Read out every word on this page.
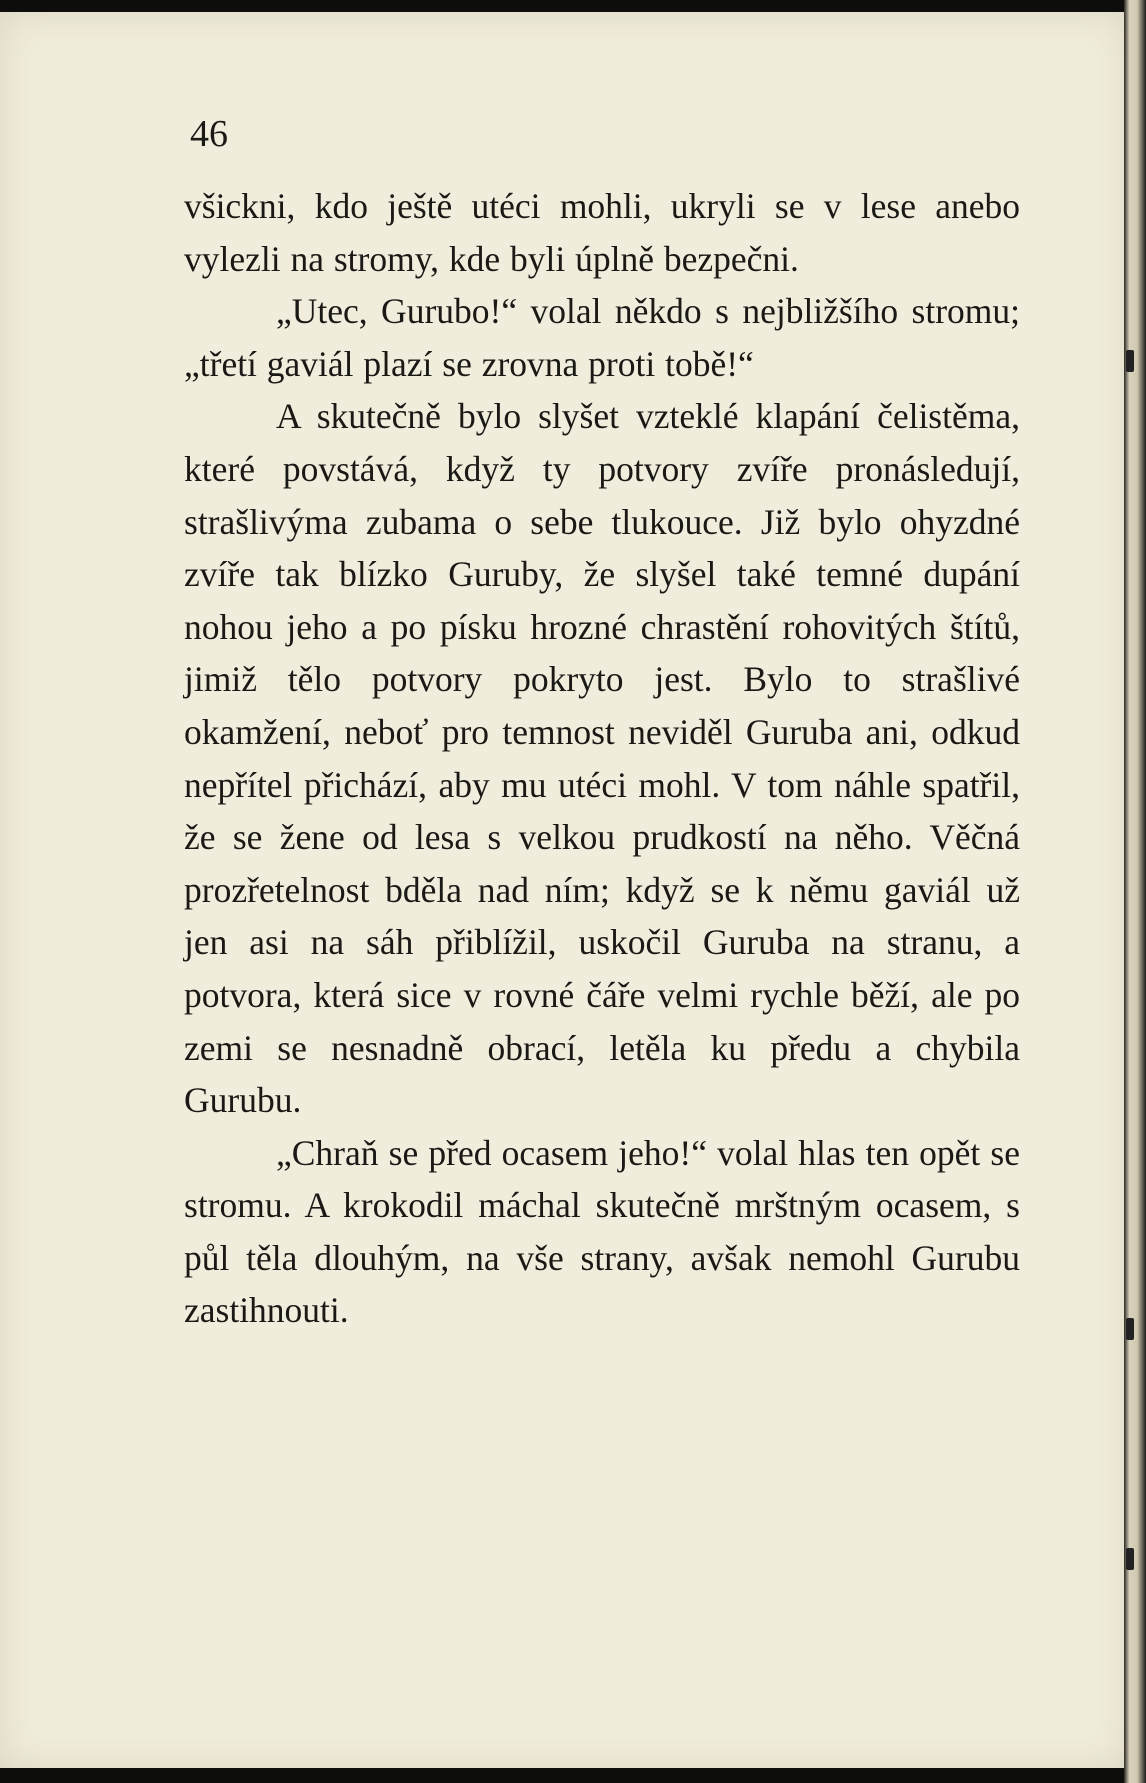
46

všickni, kdo ještě utéci mohli, ukryli se v lese anebo vylezli na stromy, kde byli úplně bezpečni.

„Utec, Gurubo!“ volal někdo s nejbližšího stromu; „třetí gaviál plazí se zrovna proti tobě!“

A skutečně bylo slyšet vzteklé klapání čelistěma, které povstává, když ty potvory zvíře pronásledují, strašlivýma zubama o sebe tlukouce. Již bylo ohyzdné zvíře tak blízko Guruby, že slyšel také temné dupání nohou jeho a po písku hrozné chrastění rohovitých štítů, jimiž tělo potvory pokryto jest. Bylo to strašlivé okamžení, neboť pro temnost neviděl Guruba ani, odkud nepřítel přichází, aby mu utéci mohl. V tom náhle spatřil, že se žene od lesa s velkou prudkostí na něho. Věčná prozřetelnost bděla nad ním; když se k němu gaviál už jen asi na sáh přiblížil, uskočil Guruba na stranu, a potvora, která sice v rovné čáře velmi rychle běží, ale po zemi se nesnadně obrací, letěla ku předu a chybila Gurubu.

„Chraň se před ocasem jeho!“ volal hlas ten opět se stromu. A krokodil máchal skutečně mrštným ocasem, s půl těla dlouhým, na vše strany, avšak nemohl Gurubu zastihnouti.
